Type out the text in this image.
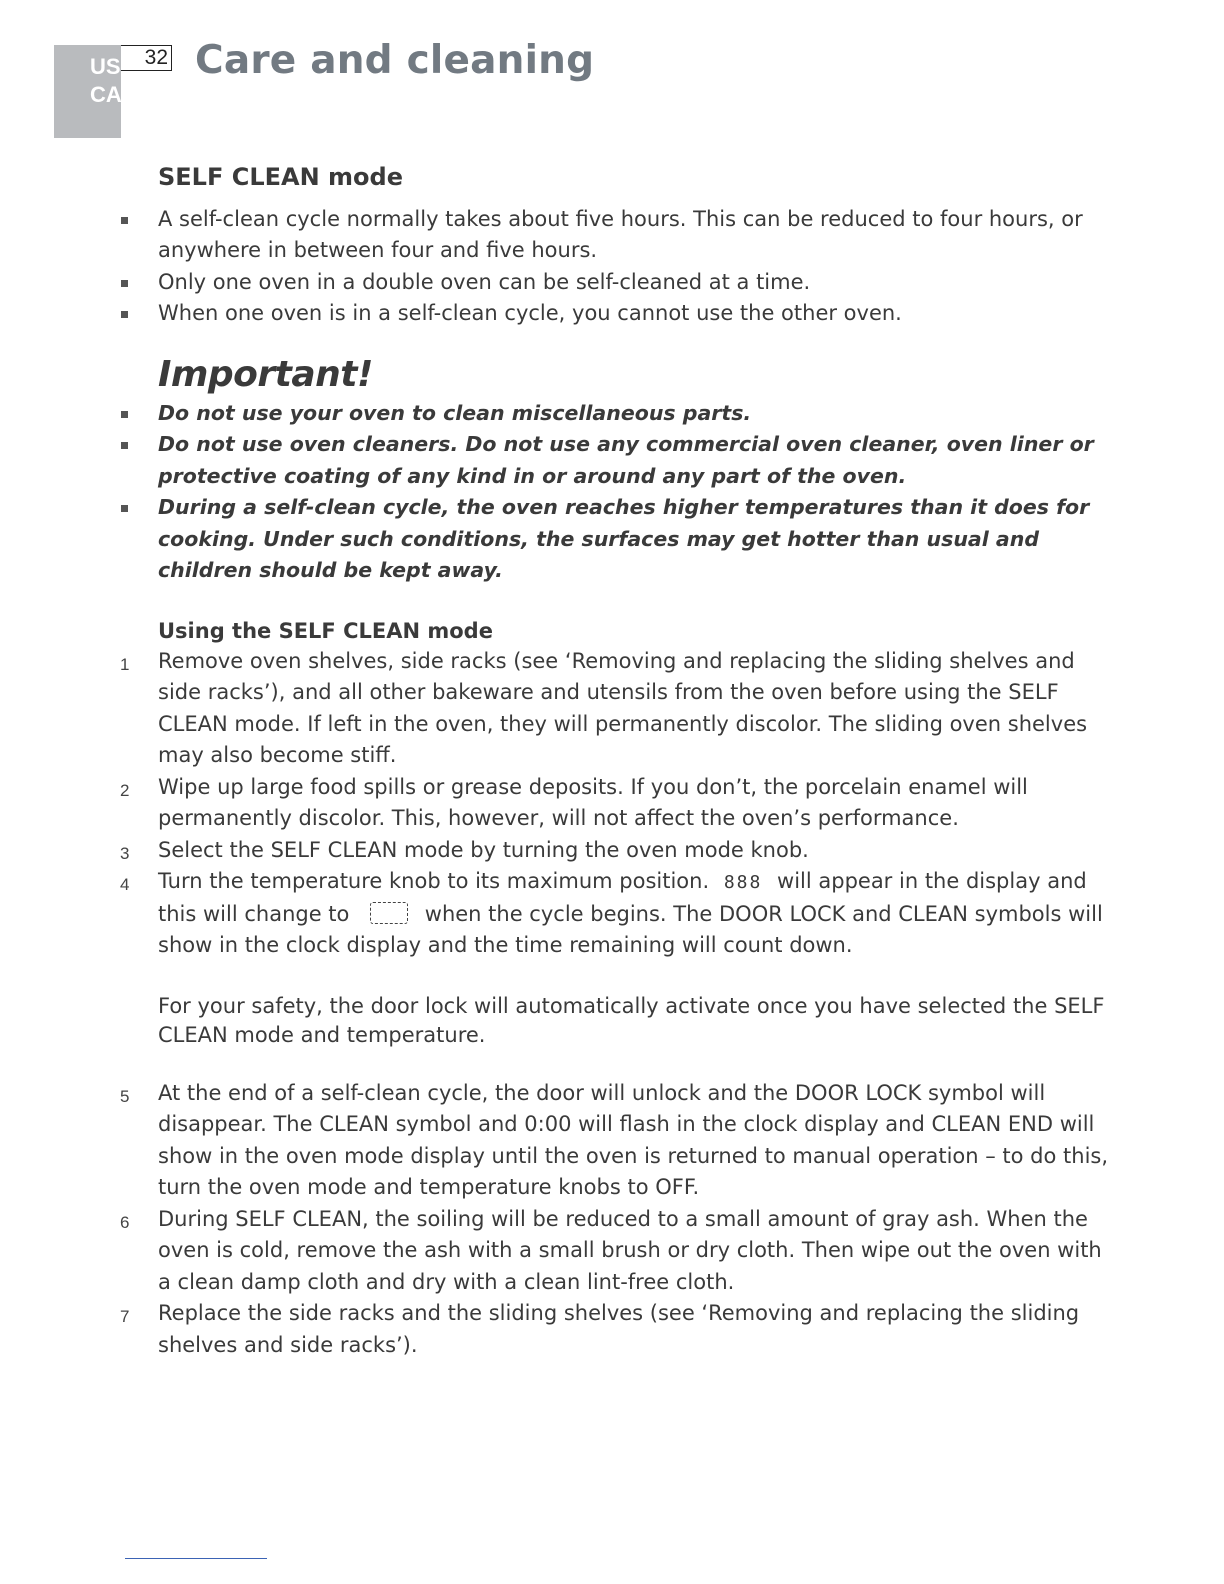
US
CA
32 Care and cleaning
SELF CLEAN mode
A self-clean cycle normally takes about five hours. This can be reduced to four hours, or anywhere in between four and five hours.
Only one oven in a double oven can be self-cleaned at a time.
When one oven is in a self-clean cycle, you cannot use the other oven.
Important!
Do not use your oven to clean miscellaneous parts.
Do not use oven cleaners. Do not use any commercial oven cleaner, oven liner or protective coating of any kind in or around any part of the oven.
During a self-clean cycle, the oven reaches higher temperatures than it does for cooking. Under such conditions, the surfaces may get hotter than usual and children should be kept away.
Using the SELF CLEAN mode
1 Remove oven shelves, side racks (see ‘Removing and replacing the sliding shelves and side racks’), and all other bakeware and utensils from the oven before using the SELF CLEAN mode. If left in the oven, they will permanently discolor. The sliding oven shelves may also become stiff.
2 Wipe up large food spills or grease deposits. If you don’t, the porcelain enamel will permanently discolor. This, however, will not affect the oven’s performance.
3 Select the SELF CLEAN mode by turning the oven mode knob.
4 Turn the temperature knob to its maximum position. 888 will appear in the display and this will change to	when the cycle begins. The DOOR LOCK and CLEAN symbols will show in the clock display and the time remaining will count down.

For your safety, the door lock will automatically activate once you have selected the SELF CLEAN mode and temperature.

5 At the end of a self-clean cycle, the door will unlock and the DOOR LOCK symbol will disappear. The CLEAN symbol and 0:00 will flash in the clock display and CLEAN END will show in the oven mode display until the oven is returned to manual operation – to do this, turn the oven mode and temperature knobs to OFF.
6 During SELF CLEAN, the soiling will be reduced to a small amount of gray ash. When the oven is cold, remove the ash with a small brush or dry cloth. Then wipe out the oven with a clean damp cloth and dry with a clean lint-free cloth.
7 Replace the side racks and the sliding shelves (see ‘Removing and replacing the sliding shelves and side racks’).
